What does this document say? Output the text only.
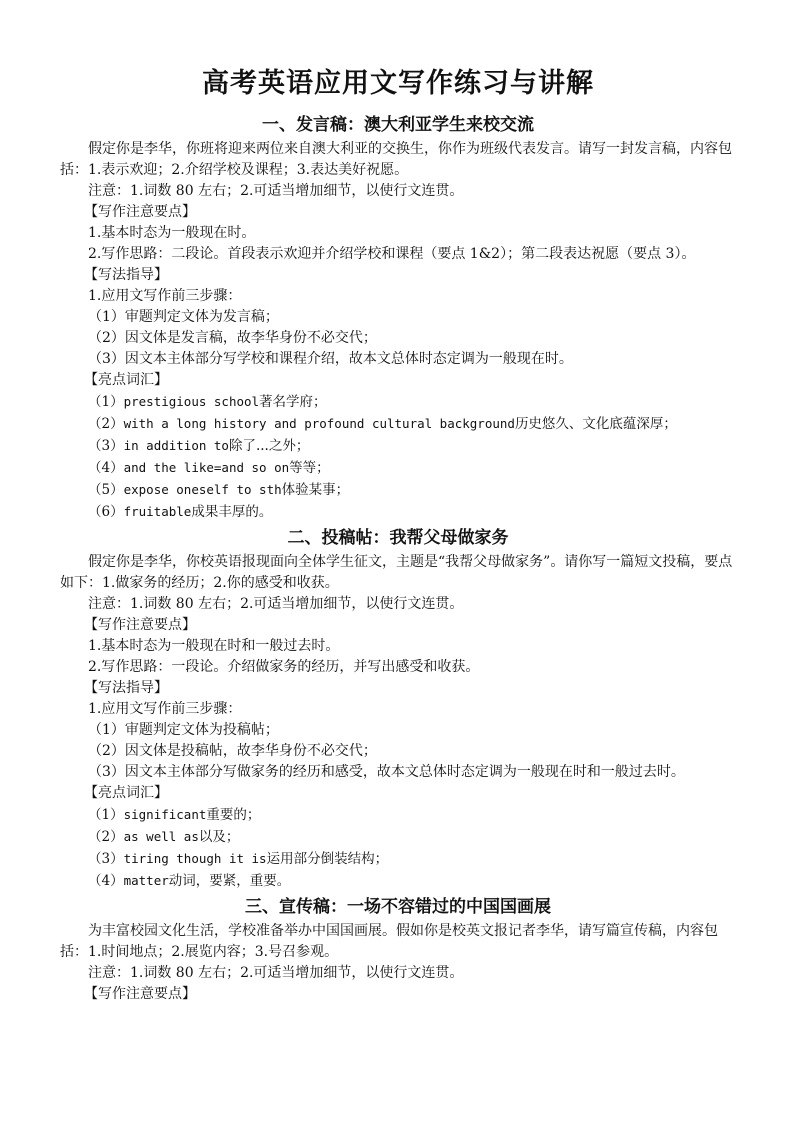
高考英语应用文写作练习与讲解
一、发言稿：澳大利亚学生来校交流

假定你是李华，你班将迎来两位来自澳大利亚的交换生，你作为班级代表发言。请写一封发言稿，内容包括：1.表示欢迎；2.介绍学校及课程；3.表达美好祝愿。

注意：1.词数 80 左右；2.可适当增加细节，以使行文连贯。

【写作注意要点】

1.基本时态为一般现在时。

2.写作思路：二段论。首段表示欢迎并介绍学校和课程（要点 1&2）；第二段表达祝愿（要点 3）。

【写法指导】

1.应用文写作前三步骤：

（1）审题判定文体为发言稿；

（2）因文体是发言稿，故李华身份不必交代；

（3）因文本主体部分写学校和课程介绍，故本文总体时态定调为一般现在时。

【亮点词汇】

（1）prestigious school著名学府；

（2）with a long history and profound cultural background历史悠久、文化底蕴深厚；

（3）in addition to除了...之外；

（4）and the like=and so on等等；

（5）expose oneself to sth体验某事；

（6）fruitable成果丰厚的。

二、投稿帖：我帮父母做家务

假定你是李华，你校英语报现面向全体学生征文，主题是“我帮父母做家务”。请你写一篇短文投稿，要点如下：1.做家务的经历；2.你的感受和收获。

注意：1.词数 80 左右；2.可适当增加细节，以使行文连贯。

【写作注意要点】

1.基本时态为一般现在时和一般过去时。

2.写作思路：一段论。介绍做家务的经历，并写出感受和收获。

【写法指导】

1.应用文写作前三步骤：

（1）审题判定文体为投稿帖；

（2）因文体是投稿帖，故李华身份不必交代；

（3）因文本主体部分写做家务的经历和感受，故本文总体时态定调为一般现在时和一般过去时。

【亮点词汇】

（1）significant重要的；

（2）as well as以及；

（3）tiring though it is运用部分倒装结构；

（4）matter动词，要紧，重要。

三、宣传稿：一场不容错过的中国国画展

为丰富校园文化生活，学校准备举办中国国画展。假如你是校英文报记者李华，请写篇宣传稿，内容包括：1.时间地点；2.展览内容；3.号召参观。

注意：1.词数 80 左右；2.可适当增加细节，以使行文连贯。

【写作注意要点】
